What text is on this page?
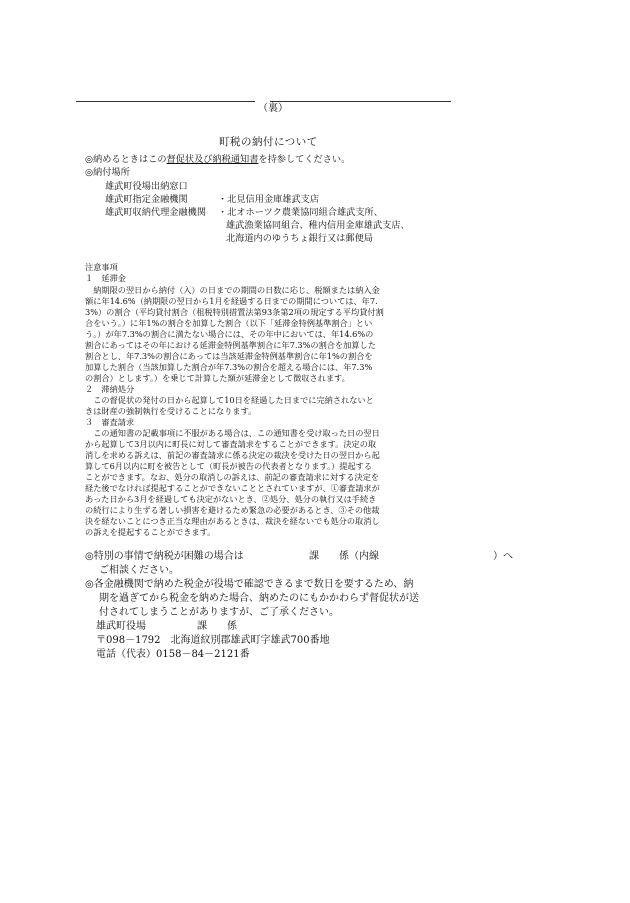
（裏）
町税の納付について
◎納めるときはこの督促状及び納税通知書を持参してください。
◎納付場所
雄武町役場出納窓口
雄武町指定金融機関	・北見信用金庫雄武支店
雄武町収納代理金融機関 ・北オホーツク農業協同組合雄武支所、
雄武漁業協同組合、稚内信用金庫雄武支店、
北海道内のゆうちょ銀行又は郵便局
注意事項
１　延滞金
　納期限の翌日から納付（入）の日までの期間の日数に応じ、税額または納入金
額に年14.6%（納期限の翌日から1月を経過する日までの期間については、年7.
3%）の割合（平均貸付割合（租税特別措置法第93条第2項の規定する平均貸付割
合をいう。）に年1%の割合を加算した割合（以下「延滞金特例基準割合」とい
う。）が年7.3%の割合に満たない場合には、その年中においては、年14.6%の
割合にあってはその年における延滞金特例基準割合に年7.3%の割合を加算した
割合とし、年7.3%の割合にあっては当該延滞金特例基準割合に年1%の割合を
加算した割合（当該加算した割合が年7.3%の割合を超える場合には、年7.3%
の割合）とします。）を乗じて計算した額が延滞金として徴収されます。
２　滞納処分
　この督促状の発付の日から起算して10日を経過した日までに完納されないと
きは財産の強制執行を受けることになります。
３　審査請求
　この通知書の記載事項に不服がある場合は、この通知書を受け取った日の翌日
から起算して3月以内に町長に対して審査請求をすることができます。決定の取
消しを求める訴えは、前記の審査請求に係る決定の裁決を受けた日の翌日から起
算して6月以内に町を被告として（町長が被告の代表者となります。）提起する
ことができます。なお、処分の取消しの訴えは、前記の審査請求に対する決定を
経た後でなければ提起することができないこととされていますが、①審査請求が
あった日から3月を経過しても決定がないとき、②処分、処分の執行又は手続き
の続行により生ずる著しい損害を避けるため緊急の必要があるとき、③その他裁
決を経ないことにつき正当な理由があるときは、裁決を経ないでも処分の取消し
の訴えを提起することができます。
◎特別の事情で納税が困難の場合は	課　　係（内線	）へ
ご相談ください。
◎各金融機関で納めた税金が役場で確認できるまで数日を要するため、納
期を過ぎてから税金を納めた場合、納めたのにもかかわらず督促状が送
付されてしまうことがありますが、ご了承ください。
雄武町役場	課　　係
〒098－1792　北海道紋別郡雄武町字雄武700番地
電話（代表）0158－84－2121番
